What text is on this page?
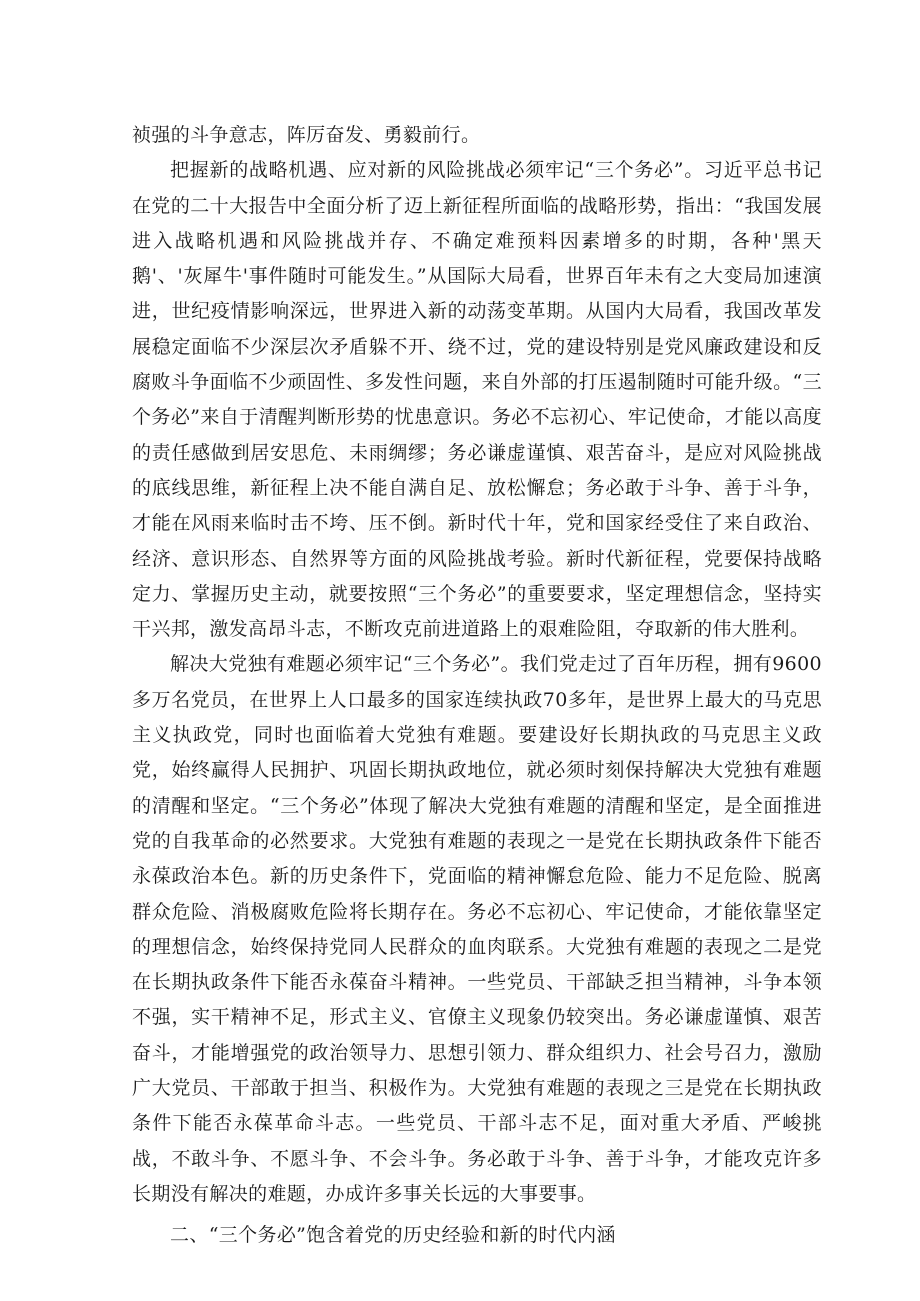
祯强的斗争意志，阵厉奋发、勇毅前行。

把握新的战略机遇、应对新的风险挑战必须牢记“三个务必”。习近平总书记在党的二十大报告中全面分析了迈上新征程所面临的战略形势，指出：“我国发展进入战略机遇和风险挑战并存、不确定难预料因素增多的时期，各种'黑天鹅'、'灰犀牛'事件随时可能发生。”从国际大局看，世界百年未有之大变局加速演进，世纪疫情影响深远，世界进入新的动荡变革期。从国内大局看，我国改革发展稳定面临不少深层次矛盾躲不开、绕不过，党的建设特别是党风廉政建设和反腐败斗争面临不少顽固性、多发性问题，来自外部的打压遏制随时可能升级。“三个务必”来自于清醒判断形势的忧患意识。务必不忘初心、牢记使命，才能以高度的责任感做到居安思危、未雨绸缪；务必谦虚谨慎、艰苦奋斗，是应对风险挑战的底线思维，新征程上决不能自满自足、放松懈怠；务必敢于斗争、善于斗争，才能在风雨来临时击不垮、压不倒。新时代十年，党和国家经受住了来自政治、经济、意识形态、自然界等方面的风险挑战考验。新时代新征程，党要保持战略定力、掌握历史主动，就要按照“三个务必”的重要要求，坚定理想信念，坚持实干兴邦，激发高昂斗志，不断攻克前进道路上的艰难险阻，夺取新的伟大胜利。

解决大党独有难题必须牢记“三个务必”。我们党走过了百年历程，拥有9600多万名党员，在世界上人口最多的国家连续执政70多年，是世界上最大的马克思主义执政党，同时也面临着大党独有难题。要建设好长期执政的马克思主义政党，始终赢得人民拥护、巩固长期执政地位，就必须时刻保持解决大党独有难题的清醒和坚定。“三个务必”体现了解决大党独有难题的清醒和坚定，是全面推进党的自我革命的必然要求。大党独有难题的表现之一是党在长期执政条件下能否永葆政治本色。新的历史条件下，党面临的精神懈怠危险、能力不足危险、脱离群众危险、消极腐败危险将长期存在。务必不忘初心、牢记使命，才能依靠坚定的理想信念，始终保持党同人民群众的血肉联系。大党独有难题的表现之二是党在长期执政条件下能否永葆奋斗精神。一些党员、干部缺乏担当精神，斗争本领不强，实干精神不足，形式主义、官僚主义现象仍较突出。务必谦虚谨慎、艰苦奋斗，才能增强党的政治领导力、思想引领力、群众组织力、社会号召力，激励广大党员、干部敢于担当、积极作为。大党独有难题的表现之三是党在长期执政条件下能否永葆革命斗志。一些党员、干部斗志不足，面对重大矛盾、严峻挑战，不敢斗争、不愿斗争、不会斗争。务必敢于斗争、善于斗争，才能攻克许多长期没有解决的难题，办成许多事关长远的大事要事。

二、“三个务必”饱含着党的历史经验和新的时代内涵
